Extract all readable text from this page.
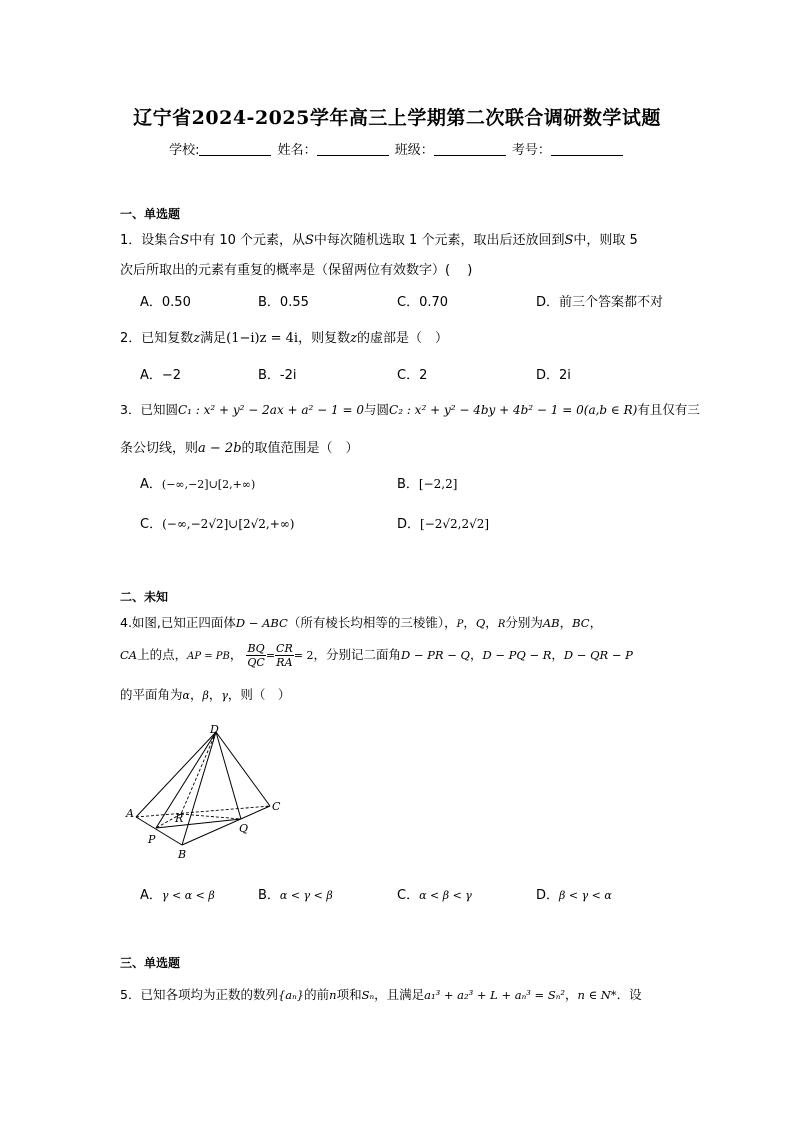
辽宁省2024-2025学年高三上学期第二次联合调研数学试题
学校:	姓名：	班级：	考号：
一、单选题
1．设集合S中有 10 个元素，从S中每次随机选取 1 个元素，取出后还放回到S中，则取 5
次后所取出的元素有重复的概率是（保留两位有效数字）(　 )
A．0.50	B．0.55	C．0.70	D．前三个答案都不对
2．已知复数z满足(1−i)z = 4i，则复数z的虚部是（　）
A．−2	B．-2i	C．2	D．2i
3．已知圆C₁ : x² + y² − 2ax + a² − 1 = 0与圆C₂ : x² + y² − 4by + 4b² − 1 = 0(a,b ∈ R)有且仅有三
条公切线，则a − 2b的取值范围是（　）
A．(−∞,−2]∪[2,+∞)	B．[−2,2]
C．(−∞,−2√2]∪[2√2,+∞)	D．[−2√2,2√2]
二、未知
4.如图,已知正四面体D − ABC（所有棱长均相等的三棱锥），P，Q，R分别为AB，BC，
CA上的点，AP = PB， $\frac{BQ}{QC} = \frac{CR}{RA} = 2$，分别记二面角D − PR − Q，D − PQ − R，D − QR − P
的平面角为α，β，γ，则（　）
D
A
C
R
Q
P
B
A．γ < α < β	B．α < γ < β	C．α < β < γ	D．β < γ < α
三、单选题
5．已知各项均为正数的数列{aₙ}的前n项和Sₙ，且满足a₁³ + a₂³ + L + aₙ³ = Sₙ²，n ∈ N*．设
